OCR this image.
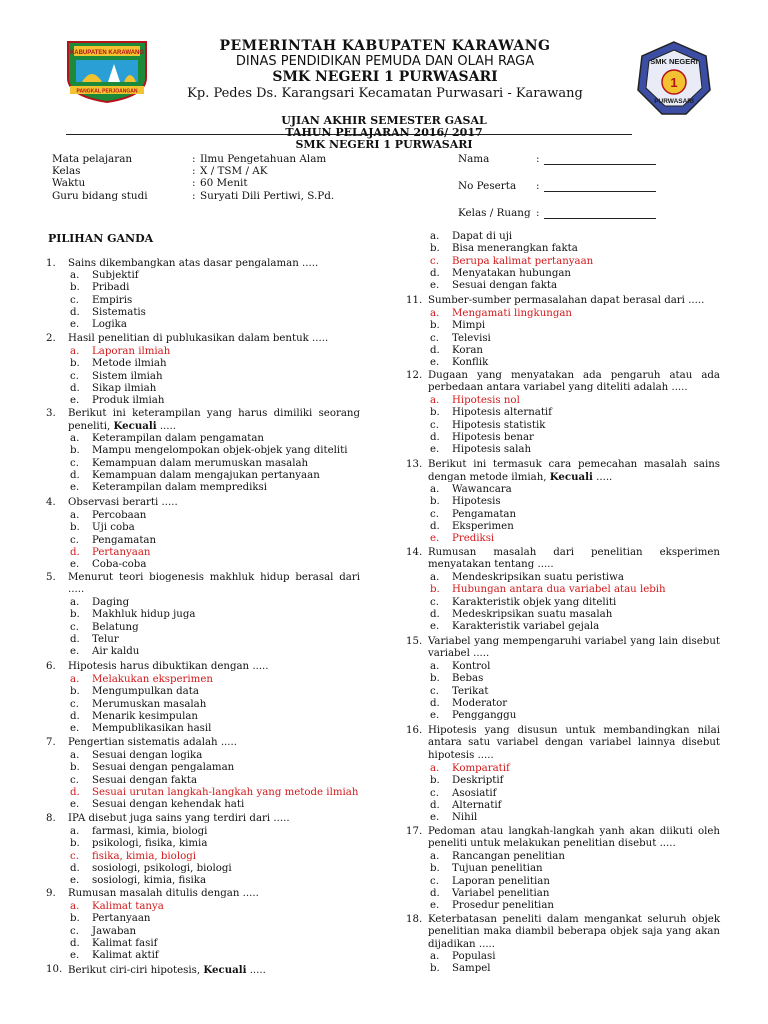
KABUPATEN KARAWANG
PANGKAL PERJOANGAN
PEMERINTAH KABUPATEN KARAWANG
DINAS PENDIDIKAN PEMUDA DAN OLAH RAGA
SMK NEGERI 1 PURWASARI
Kp. Pedes Ds. Karangsari Kecamatan Purwasari - Karawang
SMK NEGERI
1
PURWASARI
UJIAN AKHIR SEMESTER GASAL
TAHUN PELAJARAN 2016/ 2017
SMK NEGERI 1 PURWASARI
PILIHAN GANDA
1. Sains dikembangkan atas dasar pengalaman .....
a. Subjektif
b. Pribadi
c. Empiris
d. Sistematis
e. Logika
2. Hasil penelitian di publukasikan dalam bentuk .....
a. Laporan ilmiah
b. Metode ilmiah
c. Sistem ilmiah
d. Sikap ilmiah
e. Produk ilmiah
3. Berikut ini keterampilan yang harus dimiliki seorang peneliti, Kecuali .....
a. Keterampilan dalam pengamatan
b. Mampu mengelompokan objek-objek yang diteliti
c. Kemampuan dalam merumuskan masalah
d. Kemampuan dalam mengajukan pertanyaan
e. Keterampilan dalam memprediksi
4. Observasi berarti .....
a. Percobaan
b. Uji coba
c. Pengamatan
d. Pertanyaan
e. Coba-coba
5. Menurut teori biogenesis makhluk hidup berasal dari .....
a. Daging
b. Makhluk hidup juga
c. Belatung
d. Telur
e. Air kaldu
6. Hipotesis harus dibuktikan dengan .....
a. Melakukan eksperimen
b. Mengumpulkan data
c. Merumuskan masalah
d. Menarik kesimpulan
e. Mempublikasikan hasil
7. Pengertian sistematis adalah .....
a. Sesuai dengan logika
b. Sesuai dengan pengalaman
c. Sesuai dengan fakta
d. Sesuai urutan langkah-langkah yang metode ilmiah
e. Sesuai dengan kehendak hati
8. IPA disebut juga sains yang terdiri dari .....
a. farmasi, kimia, biologi
b. psikologi, fisika, kimia
c. fisika, kimia, biologi
d. sosiologi, psikologi, biologi
e. sosiologi, kimia, fisika
9. Rumusan masalah ditulis dengan .....
a. Kalimat tanya
b. Pertanyaan
c. Jawaban
d. Kalimat fasif
e. Kalimat aktif
10. Berikut ciri-ciri hipotesis, Kecuali .....
a. Dapat di uji
b. Bisa menerangkan fakta
c. Berupa kalimat pertanyaan
d. Menyatakan hubungan
e. Sesuai dengan fakta
11. Sumber-sumber permasalahan dapat berasal dari .....
a. Mengamati lingkungan
b. Mimpi
c. Televisi
d. Koran
e. Konflik
12. Dugaan yang menyatakan ada pengaruh atau ada perbedaan antara variabel yang diteliti adalah .....
a. Hipotesis nol
b. Hipotesis alternatif
c. Hipotesis statistik
d. Hipotesis benar
e. Hipotesis salah
13. Berikut ini termasuk cara pemecahan masalah sains dengan metode ilmiah, Kecuali .....
a. Wawancara
b. Hipotesis
c. Pengamatan
d. Eksperimen
e. Prediksi
14. Rumusan masalah dari penelitian eksperimen menyatakan tentang .....
a. Mendeskripsikan suatu peristiwa
b. Hubungan antara dua variabel atau lebih
c. Karakteristik objek yang diteliti
d. Medeskripsikan suatu masalah
e. Karakteristik variabel gejala
15. Variabel yang mempengaruhi variabel yang lain disebut variabel .....
a. Kontrol
b. Bebas
c. Terikat
d. Moderator
e. Pengganggu
16. Hipotesis yang disusun untuk membandingkan nilai antara satu variabel dengan variabel lainnya disebut hipotesis .....
a. Komparatif
b. Deskriptif
c. Asosiatif
d. Alternatif
e. Nihil
17. Pedoman atau langkah-langkah yanh akan diikuti oleh peneliti untuk melakukan penelitian disebut .....
a. Rancangan penelitian
b. Tujuan penelitian
c. Laporan penelitian
d. Variabel penelitian
e. Prosedur penelitian
18. Keterbatasan peneliti dalam mengankat seluruh objek penelitian maka diambil beberapa objek saja yang akan dijadikan .....
a. Populasi
b. Sampel
Mata pelajaran	: Ilmu Pengetahuan Alam
Kelas	: X / TSM / AK
Waktu	: 60 Menit
Guru bidang studi	: Suryati Dili Pertiwi, S.Pd.
Nama	:
No Peserta :
Kelas / Ruang :
